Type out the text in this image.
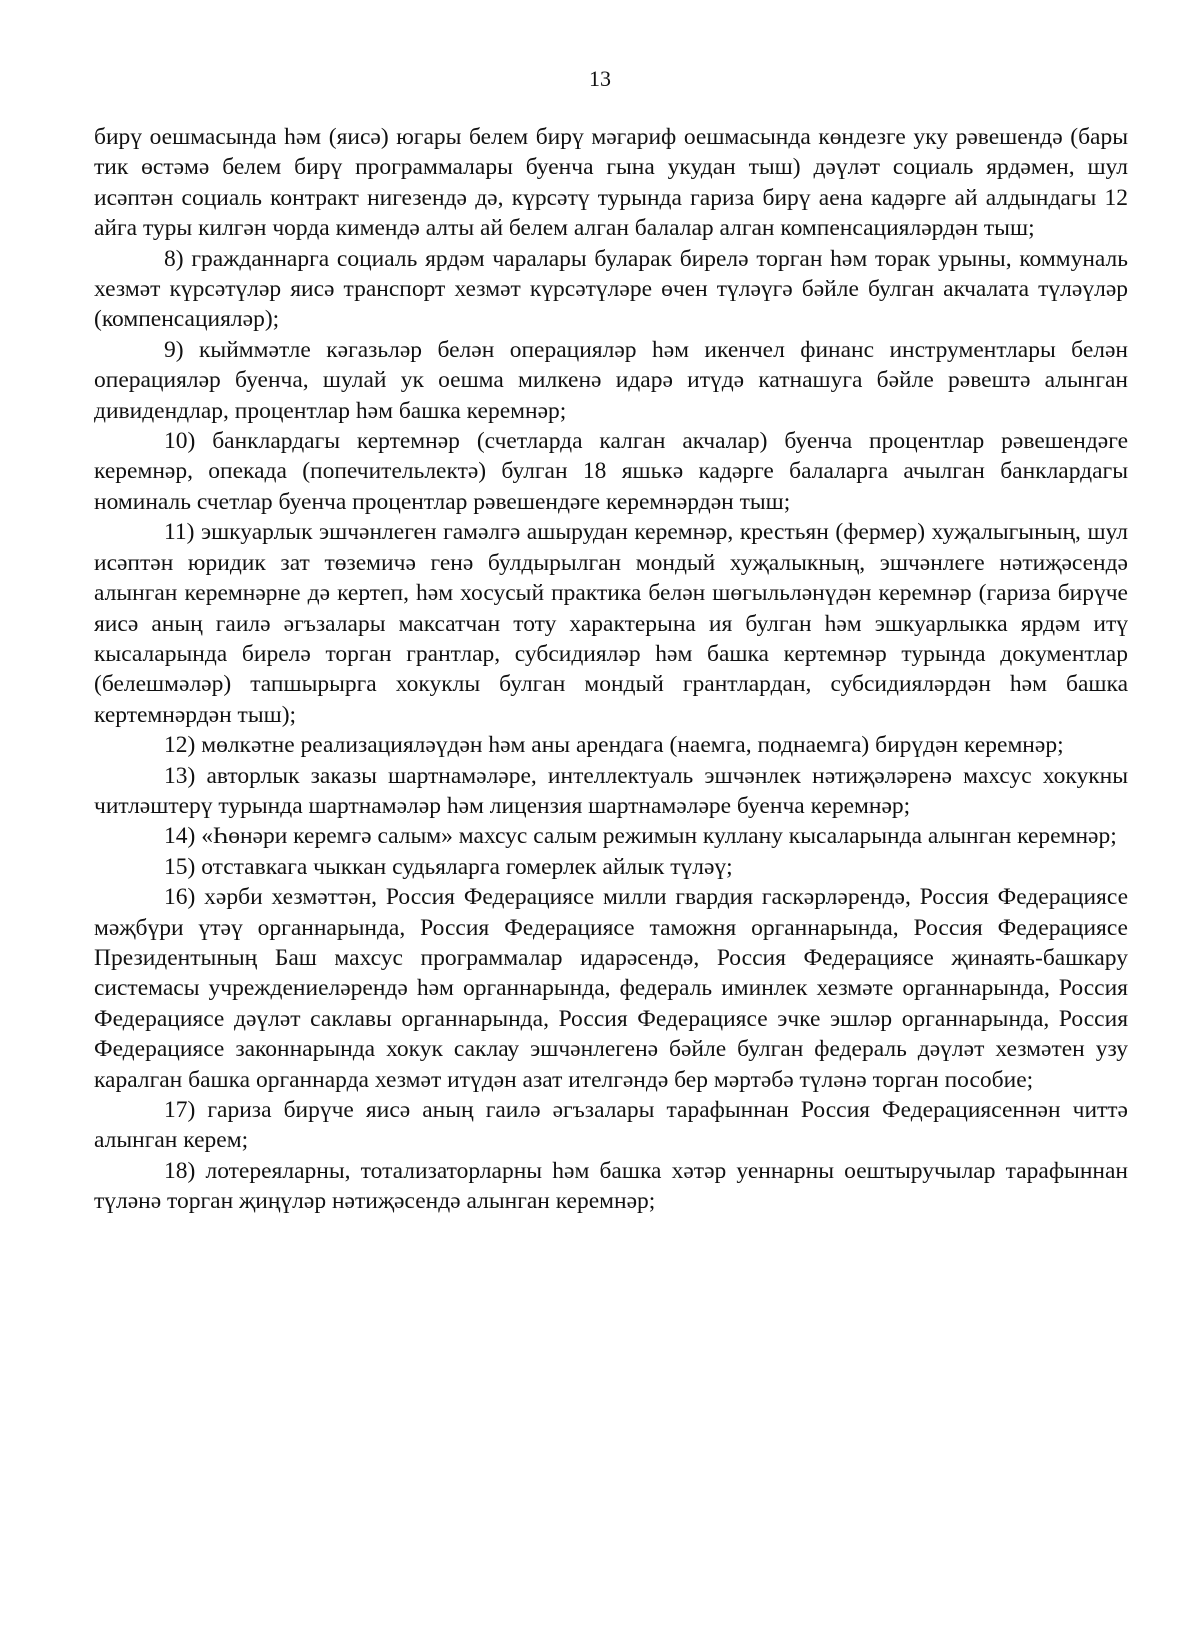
13

бирү оешмасында һәм (яисә) югары белем бирү мәгариф оешмасында көндезге уку рәвешендә (бары тик өстәмә белем бирү программалары буенча гына укудан тыш) дәүләт социаль ярдәмен, шул исәптән социаль контракт нигезендә дә, күрсәтү турында гариза бирү аена кадәрге ай алдындагы 12 айга туры килгән чорда кимендә алты ай белем алган балалар алган компенсацияләрдән тыш;

8) гражданнарга социаль ярдәм чаралары буларак бирелә торган һәм торак урыны, коммуналь хезмәт күрсәтүләр яисә транспорт хезмәт күрсәтүләре өчен түләүгә бәйле булган акчалата түләүләр (компенсацияләр);

9) кыйммәтле кәгазьләр белән операцияләр һәм икенчел финанс инструментлары белән операцияләр буенча, шулай ук оешма милкенә идарә итүдә катнашуга бәйле рәвештә алынган дивидендлар, процентлар һәм башка керемнәр;

10) банклардагы кертемнәр (счетларда калган акчалар) буенча процентлар рәвешендәге керемнәр, опекада (попечительлектә) булган 18 яшькә кадәрге балаларга ачылган банклардагы номиналь счетлар буенча процентлар рәвешендәге керемнәрдән тыш;

11) эшкуарлык эшчәнлеген гамәлгә ашырудан керемнәр, крестьян (фермер) хуҗалыгының, шул исәптән юридик зат төземичә генә булдырылган мондый хуҗалыкның, эшчәнлеге нәтиҗәсендә алынган керемнәрне дә кертеп, һәм хосусый практика белән шөгыльләнүдән керемнәр (гариза бирүче яисә аның гаилә әгъзалары максатчан тоту характерына ия булган һәм эшкуарлыкка ярдәм итү кысаларында бирелә торган грантлар, субсидияләр һәм башка кертемнәр турында документлар (белешмәләр) тапшырырга хокуклы булган мондый грантлардан, субсидияләрдән һәм башка кертемнәрдән тыш);

12) мөлкәтне реализацияләүдән һәм аны арендага (наемга, поднаемга) бирүдән керемнәр;

13) авторлык заказы шартнамәләре, интеллектуаль эшчәнлек нәтиҗәләренә махсус хокукны читләштерү турында шартнамәләр һәм лицензия шартнамәләре буенча керемнәр;

14) «Һөнәри керемгә салым» махсус салым режимын куллану кысаларында алынган керемнәр;

15) отставкага чыккан судьяларга гомерлек айлык түләү;

16) хәрби хезмәттән, Россия Федерациясе милли гвардия гаскәрләрендә, Россия Федерациясе мәҗбүри үтәү органнарында, Россия Федерациясе таможня органнарында, Россия Федерациясе Президентының Баш махсус программалар идарәсендә, Россия Федерациясе җинаять-башкару системасы учреждениеләрендә һәм органнарында, федераль иминлек хезмәте органнарында, Россия Федерациясе дәүләт саклавы органнарында, Россия Федерациясе эчке эшләр органнарында, Россия Федерациясе законнарында хокук саклау эшчәнлегенә бәйле булган федераль дәүләт хезмәтен узу каралган башка органнарда хезмәт итүдән азат ителгәндә бер мәртәбә түләнә торган пособие;

17) гариза бирүче яисә аның гаилә әгъзалары тарафыннан Россия Федерациясеннән читтә алынган керем;

18) лотереяларны, тотализаторларны һәм башка хәтәр уеннарны оештыручылар тарафыннан түләнә торган җиңүләр нәтиҗәсендә алынган керемнәр;
